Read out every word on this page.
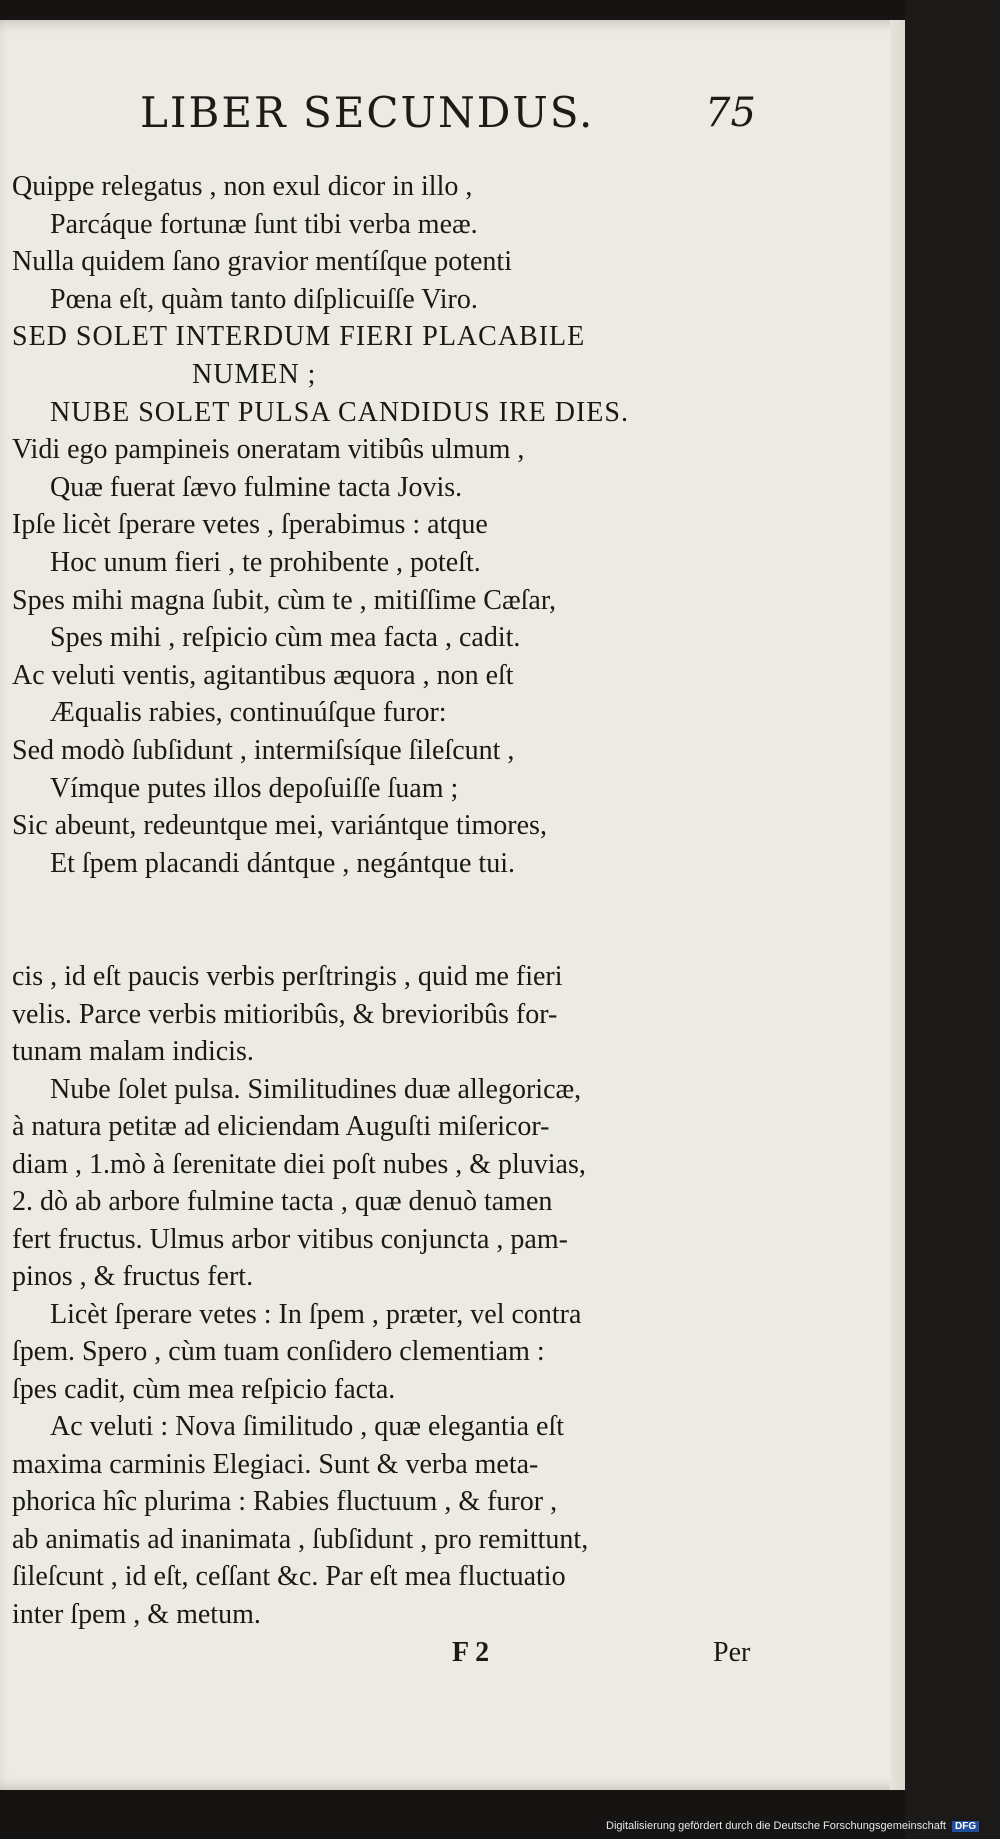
LIBER SECUNDUS.	75
Quippe relegatus , non exul dicor in illo ,
Parcáque fortunæ ſunt tibi verba meæ.
Nulla quidem ſano gravior mentíſque potenti
Pœna eſt, quàm tanto diſplicuiſſe Viro.
SED SOLET INTERDUM FIERI PLACABILE
NUMEN ;
NUBE SOLET PULSA CANDIDUS IRE DIES.
Vidi ego pampineis oneratam vitibûs ulmum ,
Quæ fuerat ſævo fulmine tacta Jovis.
Ipſe licèt ſperare vetes , ſperabimus : atque
Hoc unum fieri , te prohibente , poteſt.
Spes mihi magna ſubit, cùm te , mitiſſime Cæſar,
Spes mihi , reſpicio cùm mea facta , cadit.
Ac veluti ventis, agitantibus æquora , non eſt
Æqualis rabies, continuúſque furor:
Sed modò ſubſidunt , intermiſsíque ſileſcunt ,
Vímque putes illos depoſuiſſe ſuam ;
Sic abeunt, redeuntque mei, variántque timores,
Et ſpem placandi dántque , negántque tui.
cis , id eſt paucis verbis perſtringis , quid me fieri
velis. Parce verbis mitioribûs, & brevioribûs for-
tunam malam indicis.
Nube ſolet pulsa. Similitudines duæ allegoricæ,
à natura petitæ ad eliciendam Auguſti miſericor-
diam , 1.mò à ſerenitate diei poſt nubes , & pluvias,
2. dò ab arbore fulmine tacta , quæ denuò tamen
fert fructus. Ulmus arbor vitibus conjuncta , pam-
pinos , & fructus fert.
Licèt ſperare vetes : In ſpem , præter, vel contra
ſpem. Spero , cùm tuam conſidero clementiam :
ſpes cadit, cùm mea reſpicio facta.
Ac veluti : Nova ſimilitudo , quæ elegantia eſt
maxima carminis Elegiaci. Sunt & verba meta-
phorica hîc plurima : Rabies fluctuum , & furor ,
ab animatis ad inanimata , ſubſidunt , pro remittunt,
ſileſcunt , id eſt, ceſſant &c. Par eſt mea fluctuatio
inter ſpem , & metum.
F 2	Per
Digitalisierung gefördert durch die Deutsche Forschungsgemeinschaft DFG
